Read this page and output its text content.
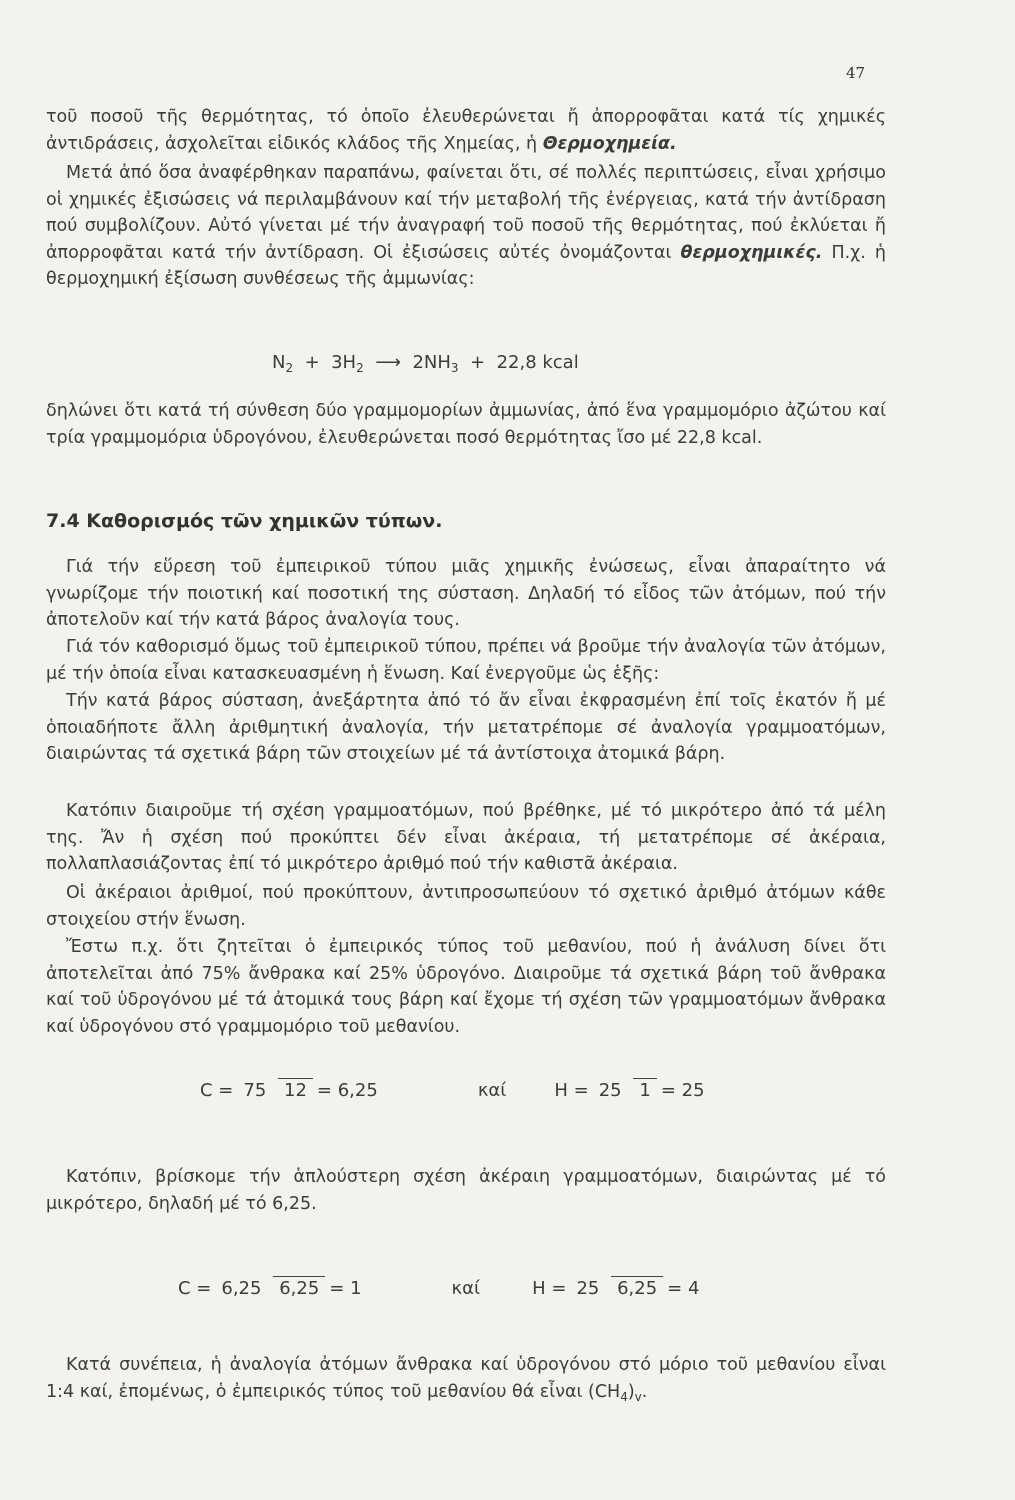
47

τοῦ ποσοῦ τῆς θερμότητας, τό ὁποῖο ἐλευθερώνεται ἤ ἀπορροφᾶται κατά τίς χημικές ἀντιδράσεις, ἀσχολεῖται εἰδικός κλάδος τῆς Χημείας, ἡ Θερμοχημεία.

Μετά ἀπό ὅσα ἀναφέρθηκαν παραπάνω, φαίνεται ὅτι, σέ πολλές περιπτώσεις, εἶναι χρήσιμο οἱ χημικές ἐξισώσεις νά περιλαμβάνουν καί τήν μεταβολή τῆς ἐνέργειας, κατά τήν ἀντίδραση πού συμβολίζουν. Αὐτό γίνεται μέ τήν ἀναγραφή τοῦ ποσοῦ τῆς θερμότητας, πού ἐκλύεται ἤ ἀπορροφᾶται κατά τήν ἀντίδραση. Οἱ ἐξισώσεις αὐτές ὀνομάζονται θερμοχημικές. Π.χ. ἡ θερμοχημική ἐξίσωση συνθέσεως τῆς ἀμμωνίας:

$N_2 + 3H_2$ ⟶ $2NH_3 + 22,8$ kcal

δηλώνει ὅτι κατά τή σύνθεση δύο γραμμομορίων ἀμμωνίας, ἀπό ἕνα γραμμομόριο ἀζώτου καί τρία γραμμομόρια ὑδρογόνου, ἐλευθερώνεται ποσό θερμότητας ἴσο μέ 22,8 kcal.

7.4 Καθορισμός τῶν χημικῶν τύπων.

Γιά τήν εὕρεση τοῦ ἐμπειρικοῦ τύπου μιᾶς χημικῆς ἐνώσεως, εἶναι ἀπαραίτητο νά γνωρίζομε τήν ποιοτική καί ποσοτική της σύσταση. Δηλαδή τό εἶδος τῶν ἀτόμων, πού τήν ἀποτελοῦν καί τήν κατά βάρος ἀναλογία τους.

Γιά τόν καθορισμό ὅμως τοῦ ἐμπειρικοῦ τύπου, πρέπει νά βροῦμε τήν ἀναλογία τῶν ἀτόμων, μέ τήν ὁποία εἶναι κατασκευασμένη ἡ ἕνωση. Καί ἐνεργοῦμε ὡς ἑξῆς:

Τήν κατά βάρος σύσταση, ἀνεξάρτητα ἀπό τό ἄν εἶναι ἐκφρασμένη ἐπί τοῖς ἑκατόν ἤ μέ ὁποιαδήποτε ἄλλη ἀριθμητική ἀναλογία, τήν μετατρέπομε σέ ἀναλογία γραμμοατόμων, διαιρώντας τά σχετικά βάρη τῶν στοιχείων μέ τά ἀντίστοιχα ἀτομικά βάρη.

Κατόπιν διαιροῦμε τή σχέση γραμμοατόμων, πού βρέθηκε, μέ τό μικρότερο ἀπό τά μέλη της. Ἄν ἡ σχέση πού προκύπτει δέν εἶναι ἀκέραια, τή μετατρέπομε σέ ἀκέραια, πολλαπλασιάζοντας ἐπί τό μικρότερο ἀριθμό πού τήν καθιστᾶ ἀκέραια.

Οἱ ἀκέραιοι ἀριθμοί, πού προκύπτουν, ἀντιπροσωπεύουν τό σχετικό ἀριθμό ἀτόμων κάθε στοιχείου στήν ἕνωση.

Ἔστω π.χ. ὅτι ζητεῖται ὁ ἐμπειρικός τύπος τοῦ μεθανίου, πού ἡ ἀνάλυση δίνει ὅτι ἀποτελεῖται ἀπό 75% ἄνθρακα καί 25% ὑδρογόνο. Διαιροῦμε τά σχετικά βάρη τοῦ ἄνθρακα καί τοῦ ὑδρογόνου μέ τά ἀτομικά τους βάρη καί ἔχομε τή σχέση τῶν γραμμοατόμων ἄνθρακα καί ὑδρογόνου στό γραμμομόριο τοῦ μεθανίου.

C = 75 12 = 6,25	καί	H = 25 1 = 25

Κατόπιν, βρίσκομε τήν ἁπλούστερη σχέση ἀκέραιη γραμμοατόμων, διαιρώντας μέ τό μικρότερο, δηλαδή μέ τό 6,25.

C = 6,25 6,25 = 1	καί	H = 25 6,25 = 4

Κατά συνέπεια, ἡ ἀναλογία ἀτόμων ἄνθρακα καί ὑδρογόνου στό μόριο τοῦ μεθανίου εἶναι 1:4 καί, ἐπομένως, ὁ ἐμπειρικός τύπος τοῦ μεθανίου θά εἶναι $(CH_4)_v$.
